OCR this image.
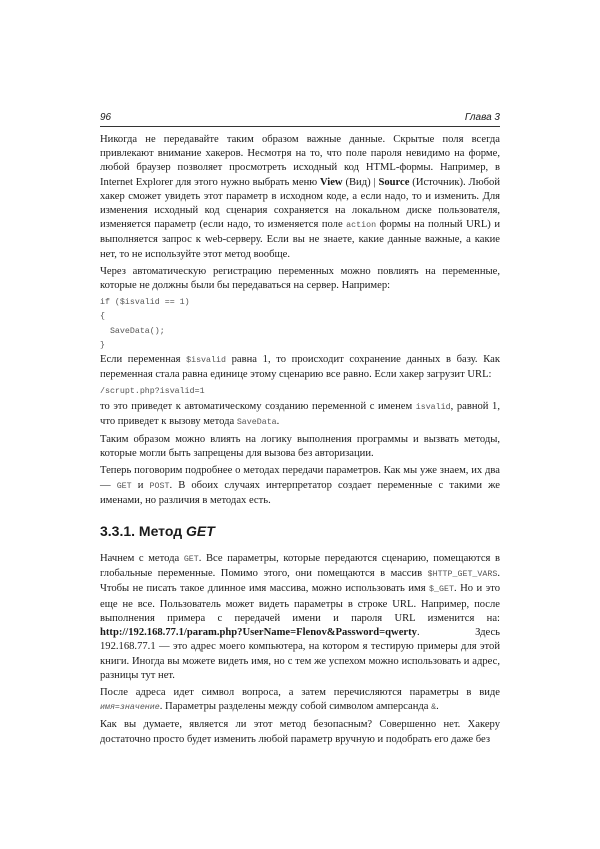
96	Глава 3

Никогда не передавайте таким образом важные данные. Скрытые поля всегда привлекают внимание хакеров. Несмотря на то, что поле пароля невидимо на форме, любой браузер позволяет просмотреть исходный код HTML-формы. Например, в Internet Explorer для этого нужно выбрать меню View (Вид) | Source (Источник). Любой хакер сможет увидеть этот параметр в исходном коде, а если надо, то и изменить. Для изменения исходный код сценария сохраняется на локальном диске пользователя, изменяется параметр (если надо, то изменяется поле action формы на полный URL) и выполняется запрос к web-серверу. Если вы не знаете, какие данные важные, а какие нет, то не используйте этот метод вообще.

Через автоматическую регистрацию переменных можно повлиять на переменные, которые не должны были бы передаваться на сервер. Например:

if ($isvalid == 1)
{
SaveData();
}

Если переменная $isvalid равна 1, то происходит сохранение данных в базу. Как переменная стала равна единице этому сценарию все равно. Если хакер загрузит URL:

/scrupt.php?isvalid=1

то это приведет к автоматическому созданию переменной с именем isvalid, равной 1, что приведет к вызову метода SaveData.

Таким образом можно влиять на логику выполнения программы и вызвать методы, которые могли быть запрещены для вызова без авторизации.

Теперь поговорим подробнее о методах передачи параметров. Как мы уже знаем, их два — GET и POST. В обоих случаях интерпретатор создает переменные с такими же именами, но различия в методах есть.

3.3.1. Метод GET

Начнем с метода GET. Все параметры, которые передаются сценарию, помещаются в глобальные переменные. Помимо этого, они помещаются в массив $HTTP_GET_VARS. Чтобы не писать такое длинное имя массива, можно использовать имя $_GET. Но и это еще не все. Пользователь может видеть параметры в строке URL. Например, после выполнения примера с передачей имени и пароля URL изменится на: http://192.168.77.1/param.php?UserName=Flenov&Password=qwerty. Здесь 192.168.77.1 — это адрес моего компьютера, на котором я тестирую примеры для этой книги. Иногда вы можете видеть имя, но с тем же успехом можно использовать и адрес, разницы тут нет.

После адреса идет символ вопроса, а затем перечисляются параметры в виде имя=значение. Параметры разделены между собой символом амперсанда &.

Как вы думаете, является ли этот метод безопасным? Совершенно нет. Хакеру достаточно просто будет изменить любой параметр вручную и подобрать его даже без
